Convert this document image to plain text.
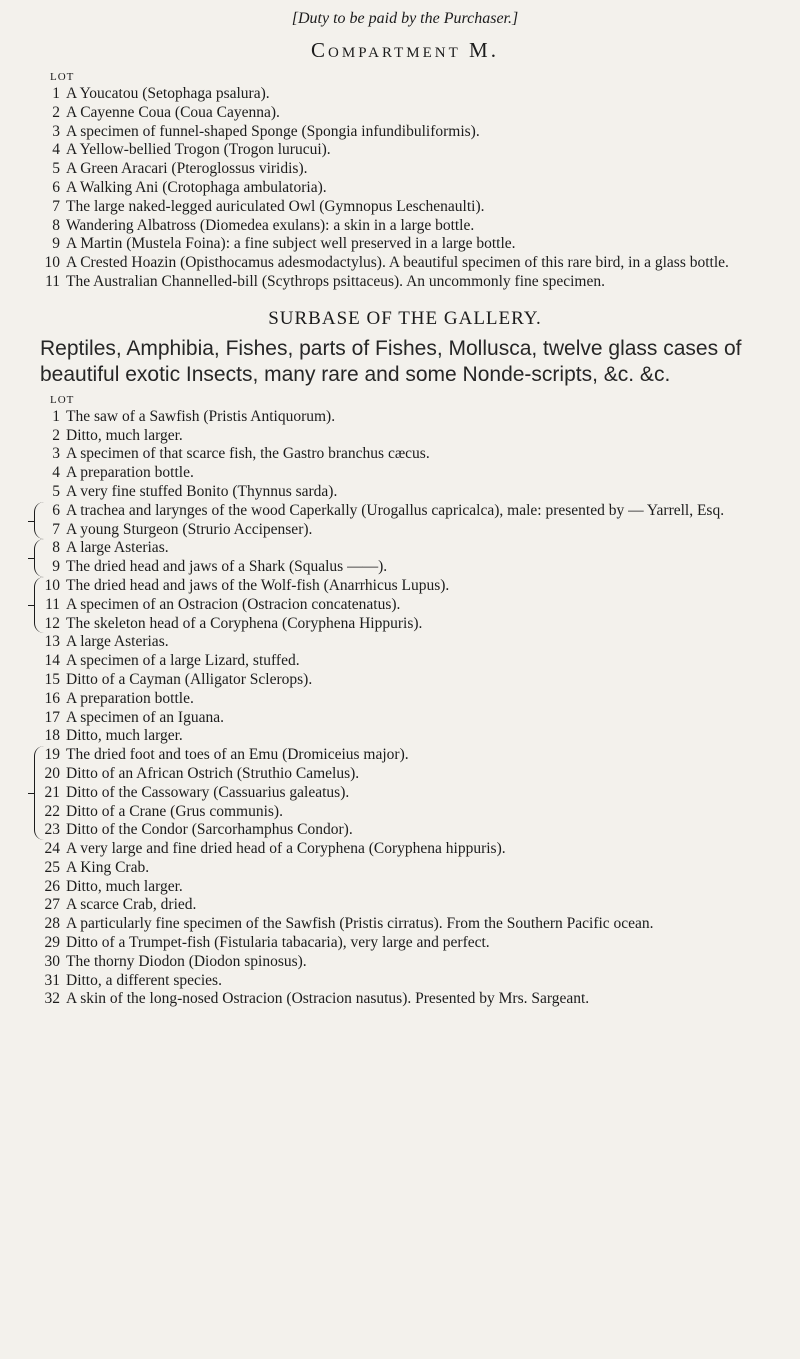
[Duty to be paid by the Purchaser.]
Compartment M.
LOT
1 A Youcatou (Setophaga psalura).
2 A Cayenne Coua (Coua Cayenna).
3 A specimen of funnel-shaped Sponge (Spongia infundibuliformis).
4 A Yellow-bellied Trogon (Trogon lurucui).
5 A Green Aracari (Pteroglossus viridis).
6 A Walking Ani (Crotophaga ambulatoria).
7 The large naked-legged auriculated Owl (Gymnopus Leschenaulti).
8 Wandering Albatross (Diomedea exulans): a skin in a large bottle.
9 A Martin (Mustela Foina): a fine subject well preserved in a large bottle.
10 A Crested Hoazin (Opisthocamus adesmodactylus). A beautiful specimen of this rare bird, in a glass bottle.
11 The Australian Channelled-bill (Scythrops psittaceus). An uncommonly fine specimen.
SURBASE OF THE GALLERY.
Reptiles, Amphibia, Fishes, parts of Fishes, Mollusca, twelve glass cases of beautiful exotic Insects, many rare and some Nonde-scripts, &c. &c.
LOT
1 The saw of a Sawfish (Pristis Antiquorum).
2 Ditto, much larger.
3 A specimen of that scarce fish, the Gastro branchus cæcus.
4 A preparation bottle.
5 A very fine stuffed Bonito (Thynnus sarda).
6 A trachea and larynges of the wood Caperkally (Urogallus capricalca), male: presented by — Yarrell, Esq.
7 A young Sturgeon (Strurio Accipenser).
8 A large Asterias.
9 The dried head and jaws of a Shark (Squalus ——).
10 The dried head and jaws of the Wolf-fish (Anarrhicus Lupus).
11 A specimen of an Ostracion (Ostracion concatenatus).
12 The skeleton head of a Coryphena (Coryphena Hippuris).
13 A large Asterias.
14 A specimen of a large Lizard, stuffed.
15 Ditto of a Cayman (Alligator Sclerops).
16 A preparation bottle.
17 A specimen of an Iguana.
18 Ditto, much larger.
19 The dried foot and toes of an Emu (Dromiceius major).
20 Ditto of an African Ostrich (Struthio Camelus).
21 Ditto of the Cassowary (Cassuarius galeatus).
22 Ditto of a Crane (Grus communis).
23 Ditto of the Condor (Sarcorhamphus Condor).
24 A very large and fine dried head of a Coryphena (Coryphena hippuris).
25 A King Crab.
26 Ditto, much larger.
27 A scarce Crab, dried.
28 A particularly fine specimen of the Sawfish (Pristis cirratus). From the Southern Pacific ocean.
29 Ditto of a Trumpet-fish (Fistularia tabacaria), very large and perfect.
30 The thorny Diodon (Diodon spinosus).
31 Ditto, a different species.
32 A skin of the long-nosed Ostracion (Ostracion nasutus). Presented by Mrs. Sargeant.
